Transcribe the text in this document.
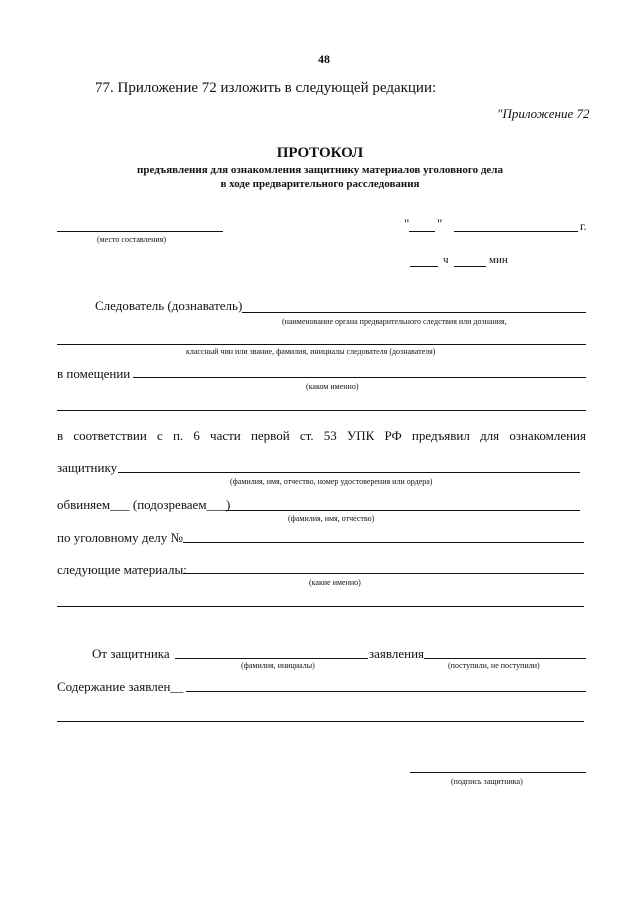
48
77. Приложение 72 изложить в следующей редакции:
"Приложение 72
ПРОТОКОЛ
предъявления для ознакомления защитнику материалов уголовного дела
в ходе предварительного расследования
(место составления)
" "	г.
ч	мин
Следователь (дознаватель)
(наименование органа предварительного следствия или дознания,
классный чин или звание, фамилия, инициалы следователя (дознавателя)
в помещении
(каком именно)
в соответствии с п. 6 части первой ст. 53 УПК РФ предъявил для ознакомления
защитнику
(фамилия, имя, отчество, номер удостоверения или ордера)
обвиняем___ (подозреваем___)
(фамилия, имя, отчество)
по уголовному делу №
следующие материалы:
(какие именно)
От защитника	заявления
(фамилия, инициалы)	(поступили, не поступили)
Содержание заявлен__
(подпись защитника)
